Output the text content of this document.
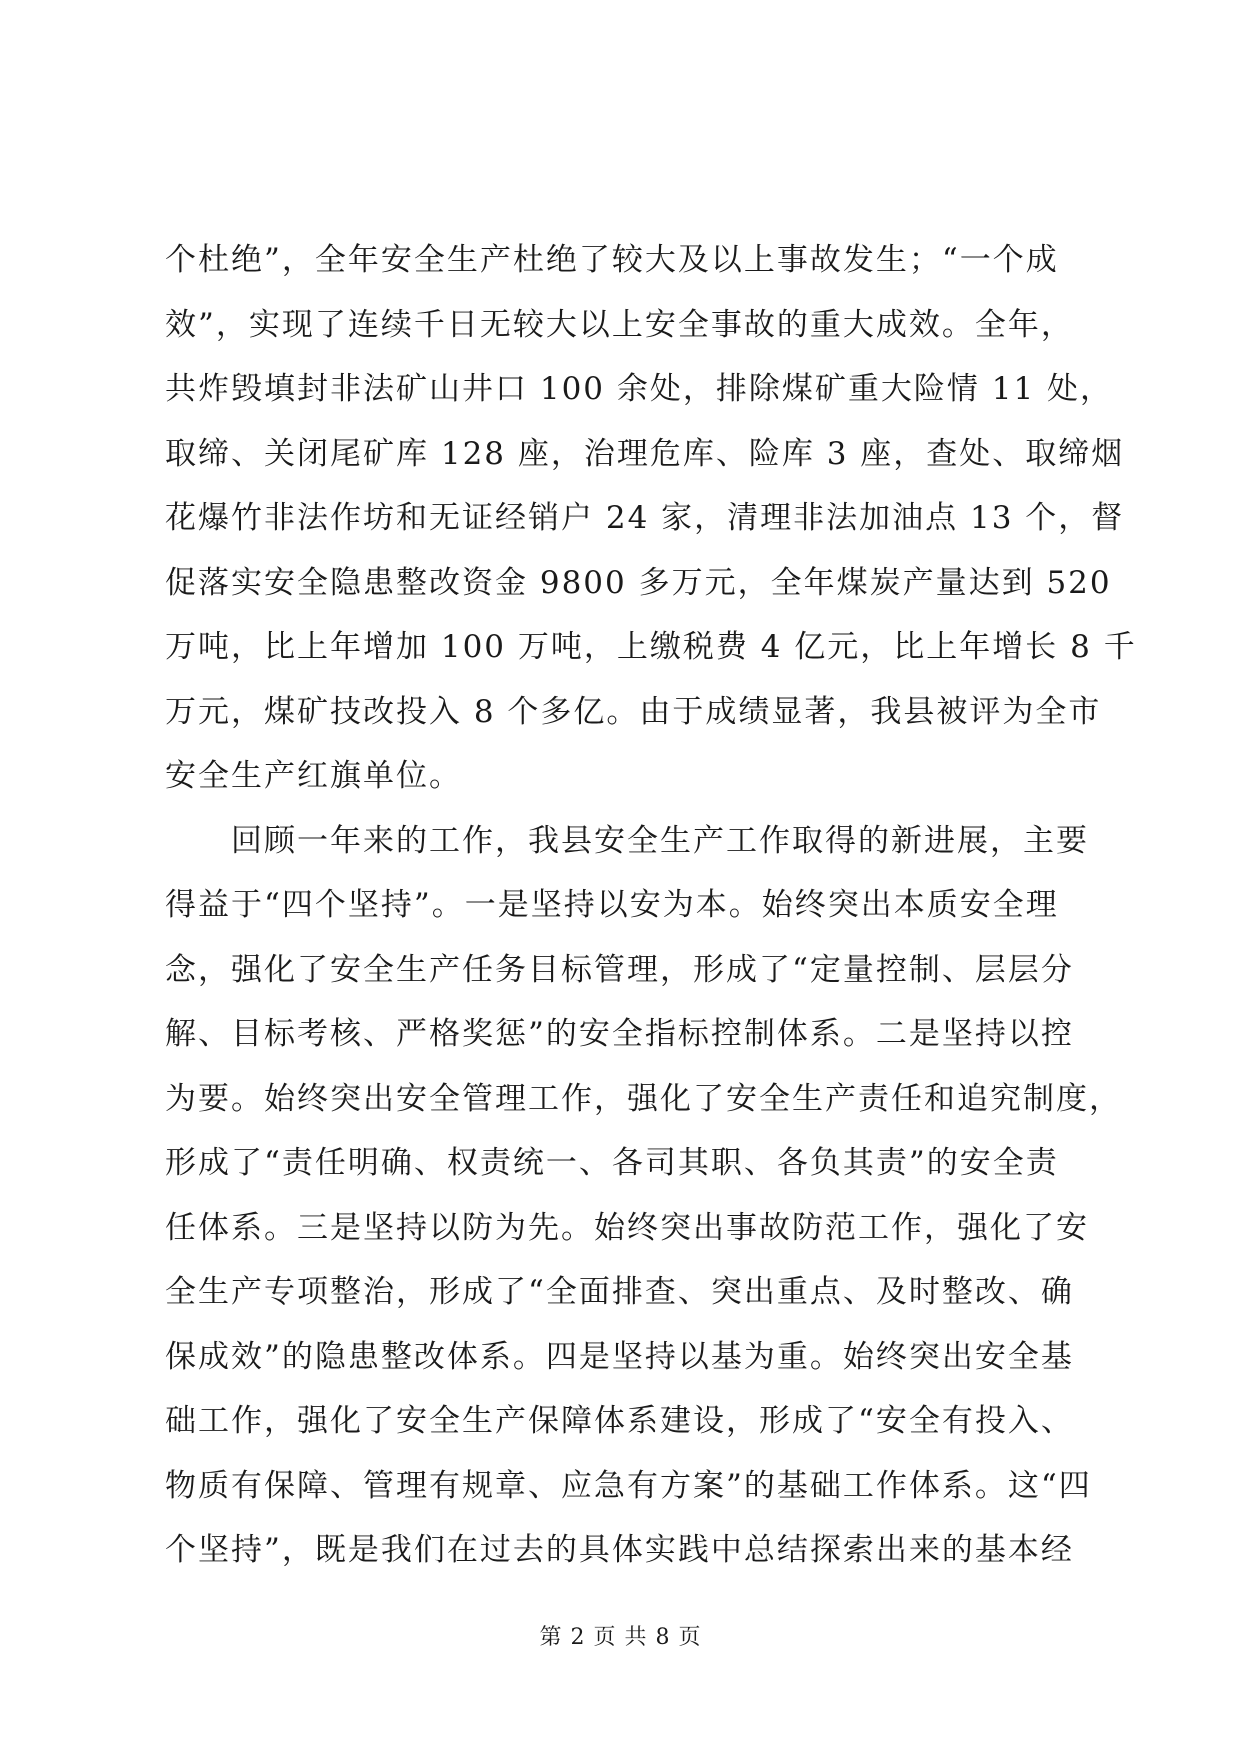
个杜绝”，全年安全生产杜绝了较大及以上事故发生；“一个成
效”，实现了连续千日无较大以上安全事故的重大成效。全年，
共炸毁填封非法矿山井口 100 余处，排除煤矿重大险情 11 处，
取缔、关闭尾矿库 128 座，治理危库、险库 3 座，查处、取缔烟
花爆竹非法作坊和无证经销户 24 家，清理非法加油点 13 个，督
促落实安全隐患整改资金 9800 多万元，全年煤炭产量达到 520
万吨，比上年增加 100 万吨，上缴税费 4 亿元，比上年增长 8 千
万元，煤矿技改投入 8 个多亿。由于成绩显著，我县被评为全市
安全生产红旗单位。
　　回顾一年来的工作，我县安全生产工作取得的新进展，主要
得益于“四个坚持”。一是坚持以安为本。始终突出本质安全理
念，强化了安全生产任务目标管理，形成了“定量控制、层层分
解、目标考核、严格奖惩”的安全指标控制体系。二是坚持以控
为要。始终突出安全管理工作，强化了安全生产责任和追究制度，
形成了“责任明确、权责统一、各司其职、各负其责”的安全责
任体系。三是坚持以防为先。始终突出事故防范工作，强化了安
全生产专项整治，形成了“全面排查、突出重点、及时整改、确
保成效”的隐患整改体系。四是坚持以基为重。始终突出安全基
础工作，强化了安全生产保障体系建设，形成了“安全有投入、
物质有保障、管理有规章、应急有方案”的基础工作体系。这“四
个坚持”，既是我们在过去的具体实践中总结探索出来的基本经
第 2 页 共 8 页
